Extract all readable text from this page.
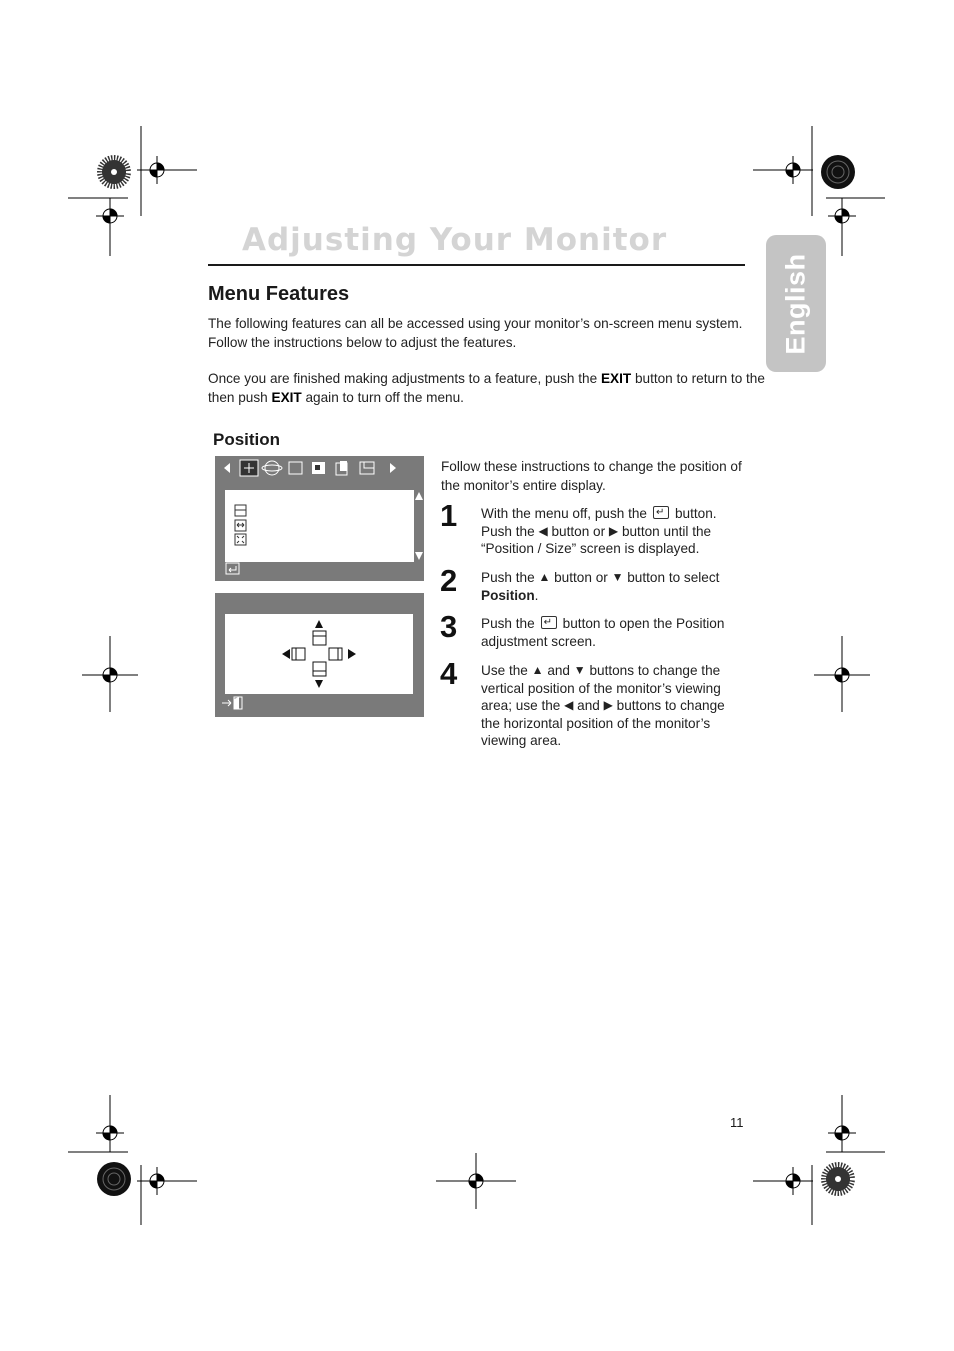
Adjusting Your Monitor
English
Menu Features
The following features can all be accessed using your monitor’s on-screen menu system.
Follow the instructions below to adjust the features.
Once you are finished making adjustments to a feature, push the EXIT button to return to the
then push EXIT again to turn off the menu.
Position
Follow these instructions to change the position of
the monitor’s entire display.
1 With the menu off, push the ↵ button.
Push the ◀ button or ▶ button until the
“Position / Size” screen is displayed.
2 Push the ▲ button or ▼ button to select
Position.
3 Push the ↵ button to open the Position
adjustment screen.
4 Use the ▲ and ▼ buttons to change the
vertical position of the monitor’s viewing
area; use the ◀ and ▶ buttons to change
the horizontal position of the monitor’s
viewing area.
11
